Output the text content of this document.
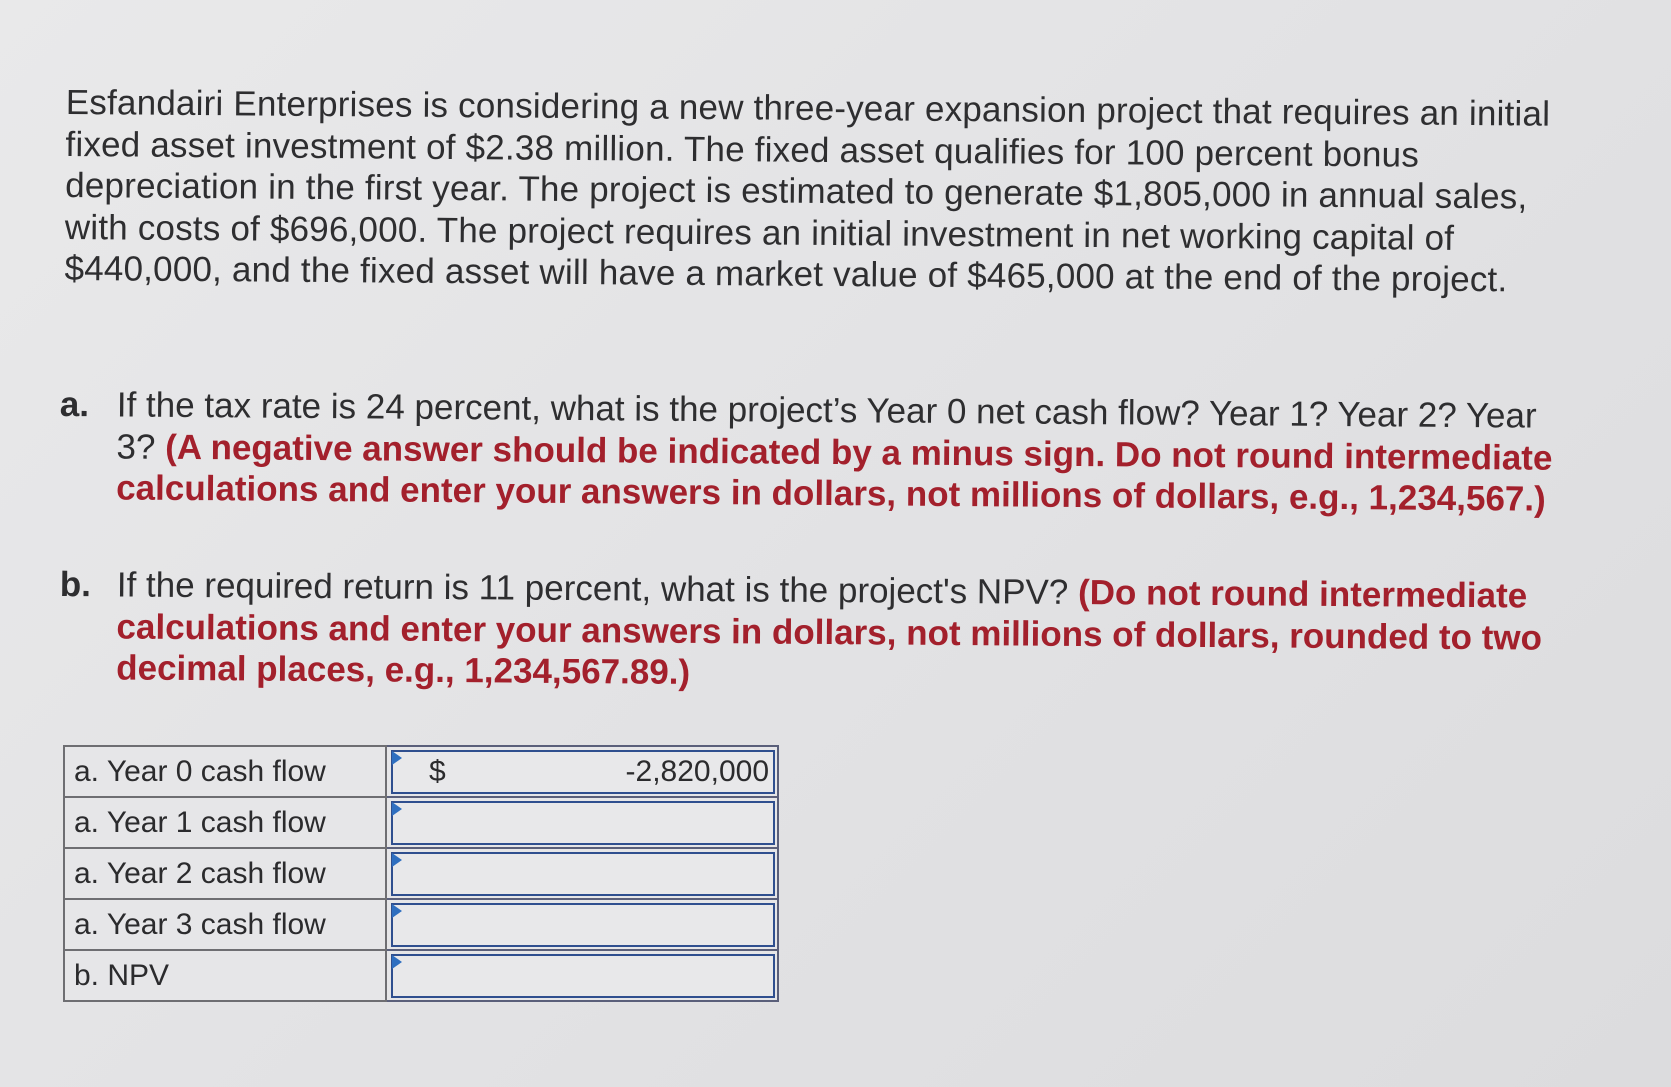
Esfandairi Enterprises is considering a new three-year expansion project that requires an initial fixed asset investment of $2.38 million. The fixed asset qualifies for 100 percent bonus depreciation in the first year. The project is estimated to generate $1,805,000 in annual sales, with costs of $696,000. The project requires an initial investment in net working capital of $440,000, and the fixed asset will have a market value of $465,000 at the end of the project.

a. If the tax rate is 24 percent, what is the project’s Year 0 net cash flow? Year 1? Year 2? Year 3? (A negative answer should be indicated by a minus sign. Do not round intermediate calculations and enter your answers in dollars, not millions of dollars, e.g., 1,234,567.)
b. If the required return is 11 percent, what is the project's NPV? (Do not round intermediate calculations and enter your answers in dollars, not millions of dollars, rounded to two decimal places, e.g., 1,234,567.89.)
a. Year 0 cash flow	$ -2,820,000

a. Year 1 cash flow	

a. Year 2 cash flow	

a. Year 3 cash flow	

b. NPV	
